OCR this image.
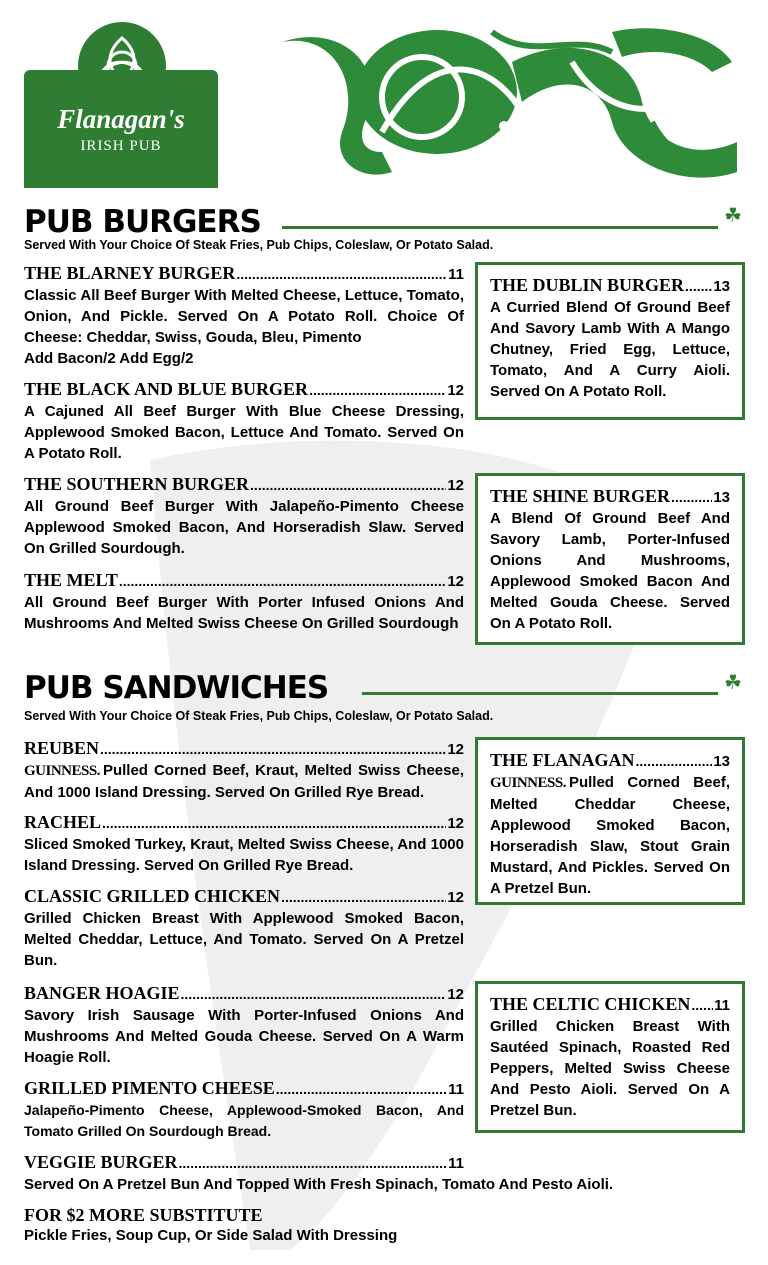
Flanagan's
IRISH PUB
EST. 1992
PUB BURGERS	☘
Served With Your Choice Of Steak Fries, Pub Chips, Coleslaw, Or Potato Salad.
THE BLARNEY BURGER .....	11
Classic All Beef Burger With Melted Cheese, Lettuce, Tomato, Onion, And Pickle. Served On A Potato Roll. Choice Of Cheese: Cheddar, Swiss, Gouda, Bleu, Pimento
Add Bacon/2 Add Egg/2
THE BLACK AND BLUE BURGER .....	12
A Cajuned All Beef Burger With Blue Cheese Dressing, Applewood Smoked Bacon, Lettuce And Tomato. Served On A Potato Roll.
THE SOUTHERN BURGER .....	12
All Ground Beef Burger With Jalapeño-Pimento Cheese Applewood Smoked Bacon, And Horseradish Slaw. Served On Grilled Sourdough.
THE MELT .....	12
All Ground Beef Burger With Porter Infused Onions And Mushrooms And Melted Swiss Cheese On Grilled Sourdough
THE DUBLIN BURGER ..... 13
A Curried Blend Of Ground Beef And Savory Lamb With A Mango Chutney, Fried Egg, Lettuce, Tomato, And A Curry Aioli. Served On A Potato Roll.
THE SHINE BURGER .....	13
A Blend Of Ground Beef And Savory Lamb, Porter-Infused Onions And Mushrooms, Applewood Smoked Bacon And Melted Gouda Cheese. Served On A Potato Roll.
PUB SANDWICHES	☘
Served With Your Choice Of Steak Fries, Pub Chips, Coleslaw, Or Potato Salad.
REUBEN .....	12
GUINNESS. Pulled Corned Beef, Kraut, Melted Swiss Cheese, And 1000 Island Dressing. Served On Grilled Rye Bread.
RACHEL .....	12
Sliced Smoked Turkey, Kraut, Melted Swiss Cheese, And 1000 Island Dressing. Served On Grilled Rye Bread.
CLASSIC GRILLED CHICKEN .....	12
Grilled Chicken Breast With Applewood Smoked Bacon, Melted Cheddar, Lettuce, And Tomato. Served On A Pretzel Bun.
BANGER HOAGIE .....	12
Savory Irish Sausage With Porter-Infused Onions And Mushrooms And Melted Gouda Cheese. Served On A Warm Hoagie Roll.
GRILLED PIMENTO CHEESE .....	11
Jalapeño-Pimento Cheese, Applewood-Smoked Bacon, And Tomato Grilled On Sourdough Bread.
VEGGIE BURGER .....	11
Served On A Pretzel Bun And Topped With Fresh Spinach, Tomato And Pesto Aioli.
THE FLANAGAN .....	13
GUINNESS. Pulled Corned Beef, Melted Cheddar Cheese, Applewood Smoked Bacon, Horseradish Slaw, Stout Grain Mustard, And Pickles. Served On A Pretzel Bun.
THE CELTIC CHICKEN ..... 11
Grilled Chicken Breast With Sautéed Spinach, Roasted Red Peppers, Melted Swiss Cheese And Pesto Aioli. Served On A Pretzel Bun.
FOR $2 MORE SUBSTITUTE
Pickle Fries, Soup Cup, Or Side Salad With Dressing
